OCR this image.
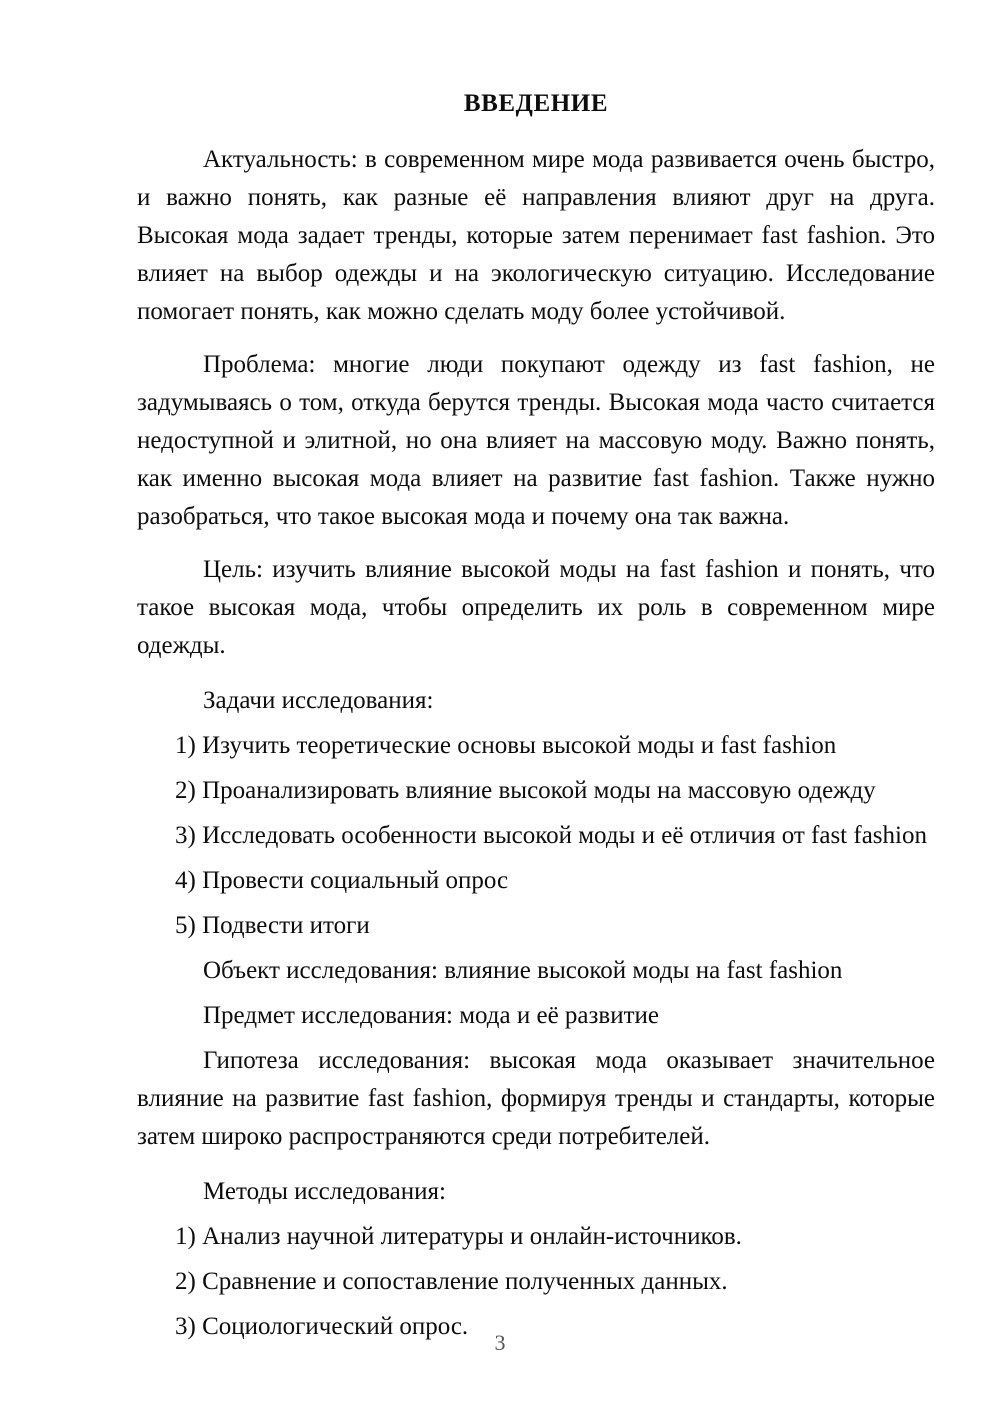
ВВЕДЕНИЕ

Актуальность: в современном мире мода развивается очень быстро, и важно понять, как разные её направления влияют друг на друга. Высокая мода задает тренды, которые затем перенимает fast fashion. Это влияет на выбор одежды и на экологическую ситуацию. Исследование помогает понять, как можно сделать моду более устойчивой.

Проблема: многие люди покупают одежду из fast fashion, не задумываясь о том, откуда берутся тренды. Высокая мода часто считается недоступной и элитной, но она влияет на массовую моду. Важно понять, как именно высокая мода влияет на развитие fast fashion. Также нужно разобраться, что такое высокая мода и почему она так важна.

Цель: изучить влияние высокой моды на fast fashion и понять, что такое высокая мода, чтобы определить их роль в современном мире одежды.

Задачи исследования:

1) Изучить теоретические основы высокой моды и fast fashion
2) Проанализировать влияние высокой моды на массовую одежду
3) Исследовать особенности высокой моды и её отличия от fast fashion
4) Провести социальный опрос
5) Подвести итоги

Объект исследования: влияние высокой моды на fast fashion

Предмет исследования: мода и её развитие

Гипотеза исследования: высокая мода оказывает значительное влияние на развитие fast fashion, формируя тренды и стандарты, которые затем широко распространяются среди потребителей.

Методы исследования:

1) Анализ научной литературы и онлайн-источников.
2) Сравнение и сопоставление полученных данных.
3) Социологический опрос.
3
